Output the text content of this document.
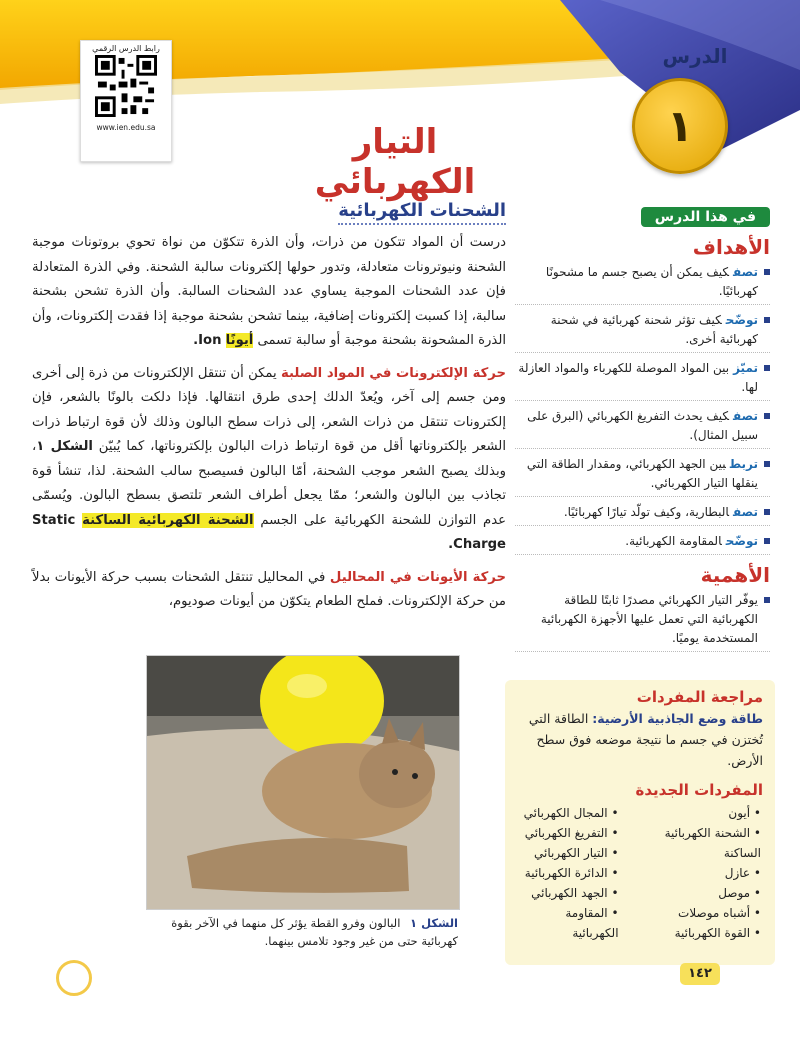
رابط الدرس الرقمي
www.ien.edu.sa
الدرس
١
التيار الكهربائي
الشحنات الكهربائية

درست أن المواد تتكون من ذرات، وأن الذرة تتكوّن من نواة تحوي بروتونات موجبة الشحنة ونيوترونات متعادلة، وتدور حولها إلكترونات سالبة الشحنة. وفي الذرة المتعادلة فإن عدد الشحنات الموجبة يساوي عدد الشحنات السالبة. وأن الذرة تشحن بشحنة سالبة، إذا كسبت إلكترونات إضافية، بينما تشحن بشحنة موجبة إذا فقدت إلكترونات، وأن الذرة المشحونة بشحنة موجبة أو سالبة تسمى أيونًا Ion.

حركة الإلكترونات في المواد الصلبة يمكن أن تنتقل الإلكترونات من ذرة إلى أخرى ومن جسم إلى آخر، ويُعدّ الدلك إحدى طرق انتقالها. فإذا دلكت بالونًا بالشعر، فإن إلكترونات تنتقل من ذرات الشعر، إلى ذرات سطح البالون وذلك لأن قوة ارتباط ذرات الشعر بإلكتروناتها أقل من قوة ارتباط ذرات البالون بإلكتروناتها، كما يُبيّن الشكل ١، وبذلك يصبح الشعر موجب الشحنة، أمّا البالون فسيصبح سالب الشحنة. لذا، تنشأ قوة تجاذب بين البالون والشعر؛ ممّا يجعل أطراف الشعر تلتصق بسطح البالون. ويُسمّى عدم التوازن للشحنة الكهربائية على الجسم الشحنة الكهربائية الساكنة Static Charge.

حركة الأيونات في المحاليل في المحاليل تنتقل الشحنات بسبب حركة الأيونات بدلاً من حركة الإلكترونات. فملح الطعام يتكوّن من أيونات صوديوم،

الشكل ١ البالون وفرو القطة يؤثر كل منهما في الآخر بقوة كهربائية حتى من غير وجود تلامس بينهما.
في هذا الدرس
الأهداف
تصفكيف يمكن أن يصبح جسم ما مشحونًا كهربائيًا.
توضّحكيف تؤثر شحنة كهربائية في شحنة كهربائية أخرى.
تميّزبين المواد الموصلة للكهرباء والمواد العازلة لها.
تصفكيف يحدث التفريغ الكهربائي (البرق على سبيل المثال).
تربطبين الجهد الكهربائي، ومقدار الطاقة التي ينقلها التيار الكهربائي.
تصفالبطارية، وكيف تولّد تيارًا كهربائيًا.
توضّحالمقاومة الكهربائية.
الأهمية
يوفّر التيار الكهربائي مصدرًا ثابتًا للطاقة الكهربائية التي تعمل عليها الأجهزة الكهربائية المستخدمة يوميًا.
مراجعة المفردات
طاقة وضع الجاذبية الأرضية: الطاقة التي تُختزن في جسم ما نتيجة موضعه فوق سطح الأرض.
المفردات الجديدة
• أيون
• الشحنة الكهربائية الساكنة
• عازل
• موصل
• أشباه موصلات
• القوة الكهربائية
• المجال الكهربائي
• التفريغ الكهربائي
• التيار الكهربائي
• الدائرة الكهربائية
• الجهد الكهربائي
• المقاومة الكهربائية
١٤٢
